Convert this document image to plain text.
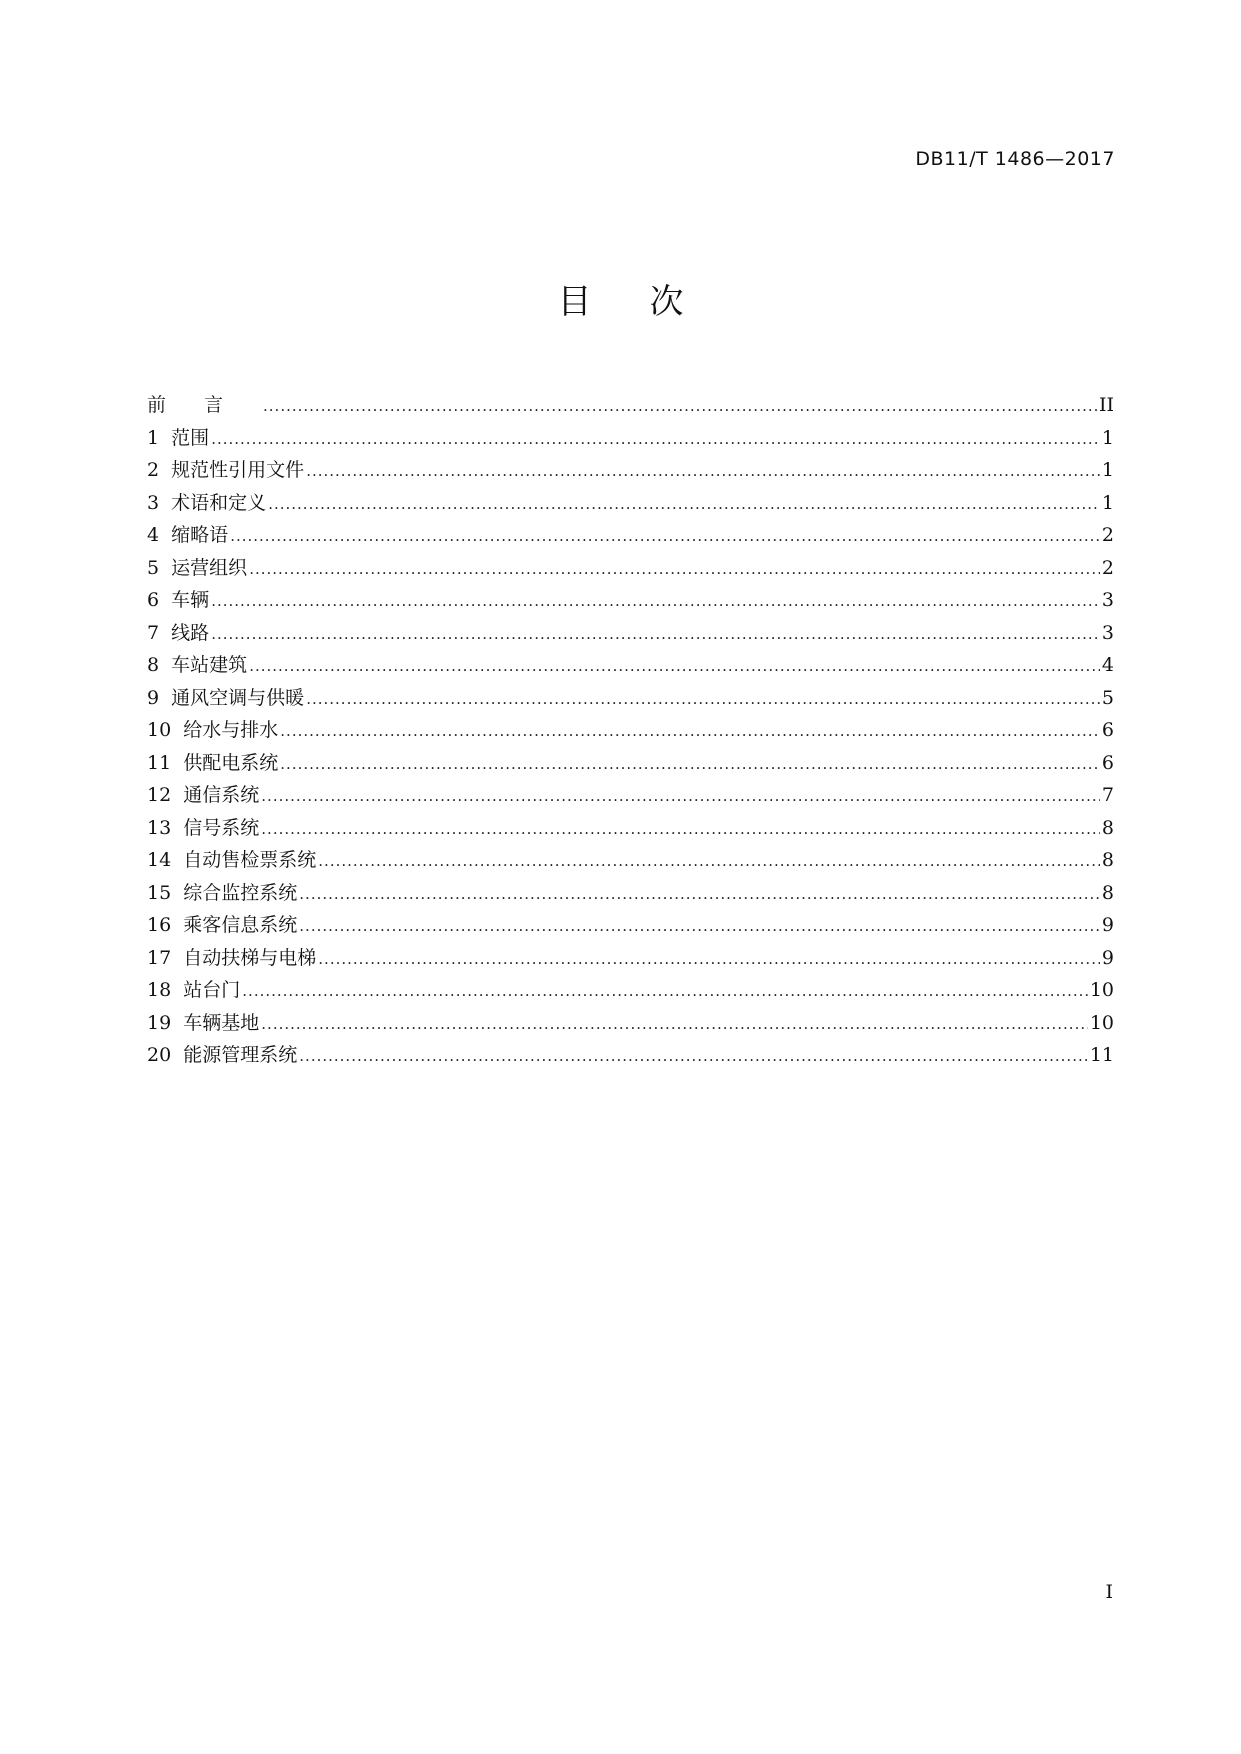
DB11/T 1486—2017
目次
前言 .....	II
1 范围 .....	1
2 规范性引用文件 .....	1
3 术语和定义 .....	1
4 缩略语 .....	2
5 运营组织 .....	2
6 车辆 .....	3
7 线路 .....	3
8 车站建筑 .....	4
9 通风空调与供暖 .....	5
10 给水与排水 .....	6
11 供配电系统 .....	6
12 通信系统 .....	7
13 信号系统 .....	8
14 自动售检票系统 .....	8
15 综合监控系统 .....	8
16 乘客信息系统 .....	9
17 自动扶梯与电梯 .....	9
18 站台门 .....	10
19 车辆基地 .....	10
20 能源管理系统 .....	11
I
